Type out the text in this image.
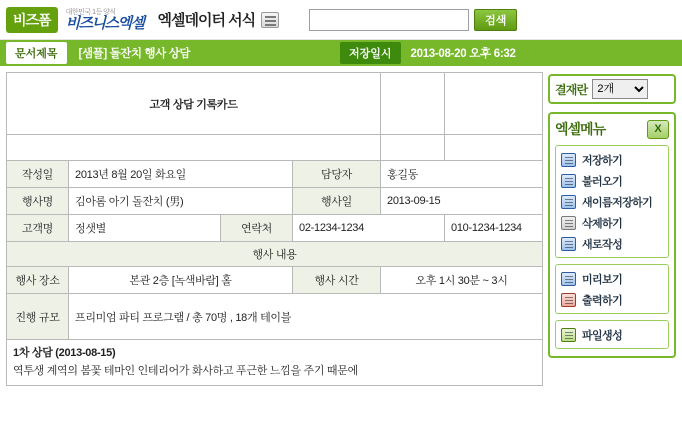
비즈폼	대한민국 1등 양식
비즈니스엑셀 엑셀데이터 서식	검색
문서제목	[샘플] 돌잔치 행사 상담	저장일시	2013-08-20 오후 6:32
고객 상담 기록카드					

작성일	2013년 8월 20일 화요일		담당자	홍길동	
행사명	김아롬 아기 돌잔치 (男)		행사일	2013-09-15	
고객명	정샛별	연락처	02-1234-1234		010-1234-1234
행사 내용					
행사 장소	본관 2층 [녹색바람] 홀		행사 시간	오후 1시 30분 ~ 3시	
진행 규모	프리미엄 파티 프로그램 / 총 70명 , 18개 테이블				
1차 상담 (2013-08-15)
역투생 계역의 봄꽃 테마인 인테리어가 화사하고 푸근한 느낌을 주기 때문에					
결재란
2개
엑셀메뉴
X
저장하기
불러오기
새이름저장하기
삭제하기
새로작성
미리보기
출력하기
파일생성
